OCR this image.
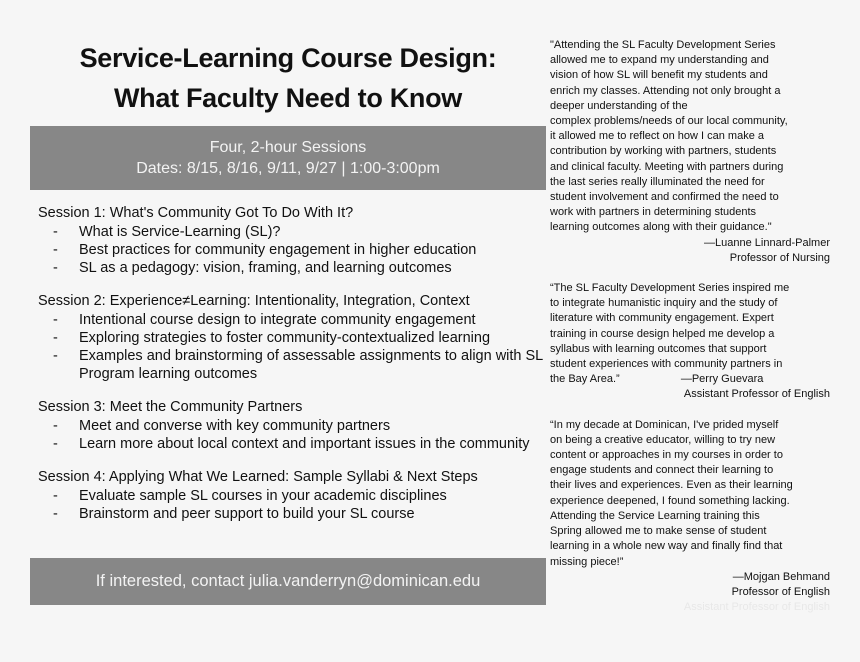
Service-Learning Course Design:
What Faculty Need to Know
Four, 2-hour Sessions
Dates: 8/15, 8/16, 9/11, 9/27 | 1:00-3:00pm
Session 1: What's Community Got To Do With It?
- What is Service-Learning (SL)?
- Best practices for community engagement in higher education
- SL as a pedagogy: vision, framing, and learning outcomes
Session 2: Experience≠Learning: Intentionality, Integration, Context
- Intentional course design to integrate community engagement
- Exploring strategies to foster community-contextualized learning
- Examples and brainstorming of assessable assignments to align with SL Program learning outcomes
Session 3: Meet the Community Partners
- Meet and converse with key community partners
- Learn more about local context and important issues in the community
Session 4: Applying What We Learned: Sample Syllabi & Next Steps
- Evaluate sample SL courses in your academic disciplines
- Brainstorm and peer support to build your SL course
If interested, contact julia.vanderryn@dominican.edu

"Attending the SL Faculty Development Series

allowed me to expand my understanding and

vision of how SL will benefit my students and

enrich my classes. Attending not only brought a

deeper understanding of the

complex problems/needs of our local community,

it allowed me to reflect on how I can make a

contribution by working with partners, students

and clinical faculty. Meeting with partners during

the last series really illuminated the need for

student involvement and confirmed the need to

work with partners in determining students

learning outcomes along with their guidance."

—Luanne Linnard-Palmer

Professor of Nursing

“The SL Faculty Development Series inspired me

to integrate humanistic inquiry and the study of

literature with community engagement. Expert

training in course design helped me develop a

syllabus with learning outcomes that support

student experiences with community partners in

the Bay Area.”                    —Perry Guevara

Assistant Professor of English

“In my decade at Dominican, I've prided myself

on being a creative educator, willing to try new

content or approaches in my courses in order to

engage students and connect their learning to

their lives and experiences. Even as their learning

experience deepened, I found something lacking.

Attending the Service Learning training this

Spring allowed me to make sense of student

learning in a whole new way and finally find that

missing piece!”

—Mojgan Behmand

Professor of English

Assistant Professor of English
